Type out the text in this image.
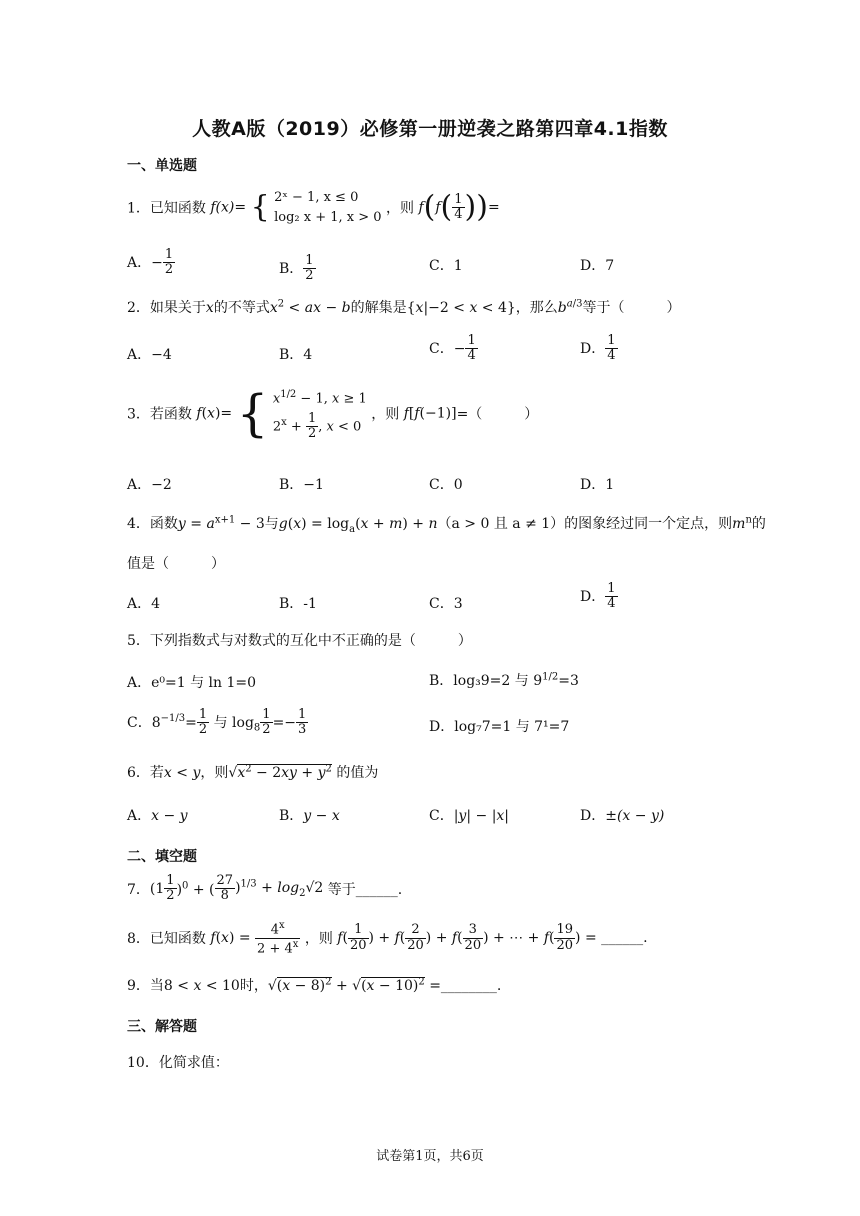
人教A版（2019）必修第一册逆袭之路第四章4.1指数
一、单选题
1．已知函数 f(x)= { 2ˣ − 1, x ≤ 0
log₂ x + 1, x > 0
，则 $f(f( \frac{1}{4}$ ))=
A．− $\frac{1}{2}$	B． $\frac{1}{2}$	C．1	D．7
2．如果关于x的不等式$x^2$ < ax − b的解集是{x|−2 < x < 4}，那么$b^{a/3}$等于（　　　）
A．−4	B．4	C．− $\frac{1}{4}$	D． $\frac{1}{4}$
3．若函数 f(x)= { $x^{1/2} - 1$, x ≥ 1
$2^x + \frac{1}{2}$ , x < 0
，则 f[f(−1)]=（　　　）
A．−2	B．−1	C．0	D．1
4．函数$y = a^{x+1} - 3$与$g(x) = \log_a(x + m) + n(a > 0$ 且 a ≠ 1）的图象经过同一个定点，则$m^n$的
值是（　　　）
A．4	B．-1	C．3	D． $\frac{1}{4}$
5．下列指数式与对数式的互化中不正确的是（　　　）
A．e⁰=1 与 ln 1=0	B．log₃9=2 与 $9^{1/2}=3$
C．$8^{-1/3}= \frac{1}{2}$ 与 $\log_8 \frac{1}{2} =- \frac{1}{3}$	D．log₇7=1 与 7¹=7
6．若x < y，则$√x^2 - 2xy + y^2$ 的值为
A．x − y	B．y − x	C．|y| − |x|	D．±(x − y)
二、填空题
7．$(1 \frac{1}{2} )^0$ + ( $\frac{27}{8} )^{1/3} + \log_2√2$ 等于______.
8．已知函数 $f(x) = \frac{4^x}{2 + 4^x}$ ，则 $f( \frac{1}{20}$ ) + $f( \frac{2}{20}$ ) + $f( \frac{3}{20}$ ) + ⋯ + $f( \frac{19}{20}$ ) = ______.
9．当8 < x < 10时，$√(x - 8)^2 + √(x - 10)^2$ =________.
三、解答题
10．化简求值：
试卷第1页，共6页
